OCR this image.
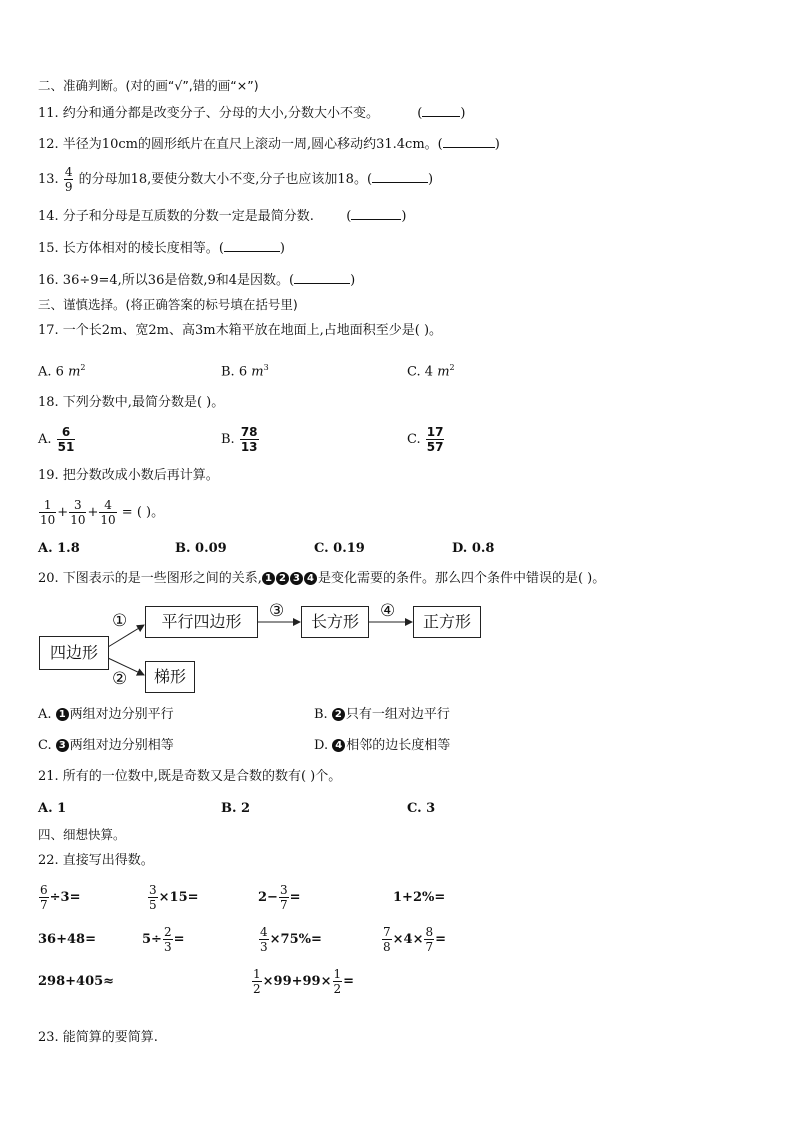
二、准确判断。(对的画“√”,错的画“×”)
11. 约分和通分都是改变分子、分母的大小,分数大小不变。	(	)
12. 半径为10cm的圆形纸片在直尺上滚动一周,圆心移动约31.4cm。(	)
13. $\frac{4}{9}$ 的分母加18,要使分数大小不变,分子也应该加18。(	)
14. 分子和分母是互质数的分数一定是最简分数. (	)
15. 长方体相对的棱长度相等。(	)
16. 36÷9=4,所以36是倍数,9和4是因数。(	)
三、谨慎选择。(将正确答案的标号填在括号里)
17. 一个长2m、宽2m、高3m木箱平放在地面上,占地面积至少是( )。
A. 6 $m^2$	B. 6 $m^3$	C. 4 $m^2$
18. 下列分数中,最简分数是( )。
A. $\frac{6}{51}$	B. $\frac{78}{13}$	C. $\frac{17}{57}$
19. 把分数改成小数后再计算。
$\frac{1}{10} + \frac{3}{10} + \frac{4}{10}$ = ( )。
A. 1.8	B. 0.09	C. 0.19	D. 0.8
20. 下图表示的是一些图形之间的关系, 1 2 3 4 是变化需要的条件。那么四个条件中错误的是( )。
四边形
平行四边形	长方形	正方形
梯形
①
②
③	④
A. 1 两组对边分别平行	B. 2 只有一组对边平行
C. 3 两组对边分别相等	D. 4 相邻的边长度相等
21. 所有的一位数中,既是奇数又是合数的数有( )个。
A. 1	B. 2	C. 3
四、细想快算。
22. 直接写出得数。
$\frac{6}{7} \div 3=$	$\frac{3}{5} \times 15=$	$2- \frac{3}{7}$ =	1+2%=
36+48=	$5\div \frac{2}{3}$ =	$\frac{4}{3} \times 75\%=$	$\frac{7}{8} \times 4\times \frac{8}{7}$ =
298+405≈	$\frac{1}{2} \times 99+99\times \frac{1}{2}$ =
23. 能简算的要简算.
